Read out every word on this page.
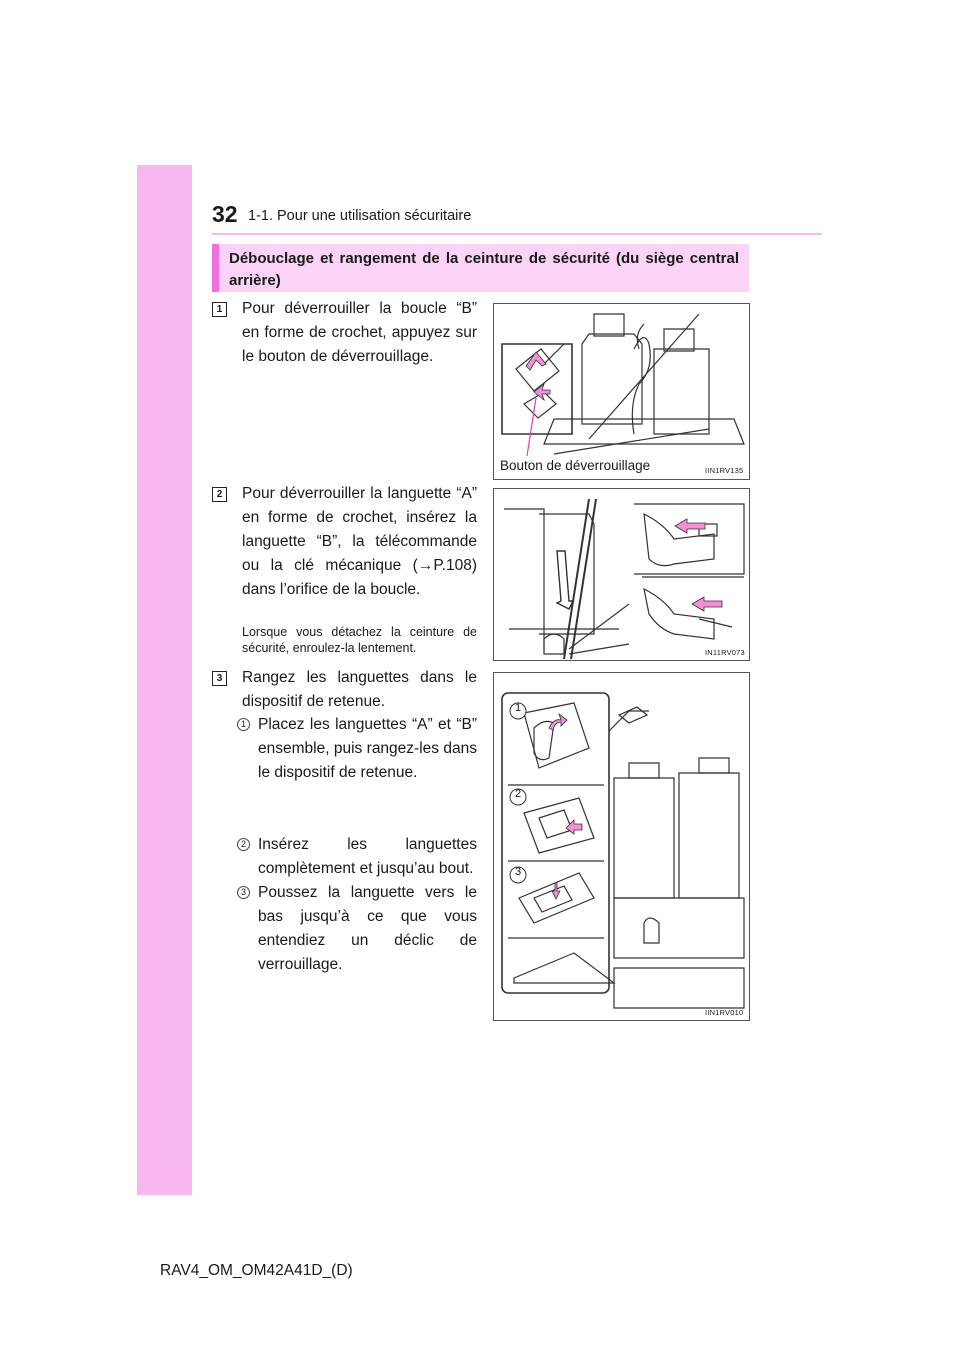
32 1-1. Pour une utilisation sécuritaire
Débouclage et rangement de la ceinture de sécurité (du siège central arrière)
1	Pour déverrouiller la boucle “B” en forme de crochet, appuyez sur le bouton de déverrouillage.
Bouton de déverrouillage	IIN1RV135
2	Pour déverrouiller la languette “A” en forme de crochet, insérez la languette “B”, la télécommande ou la clé mécanique (→P.108) dans l’orifice de la boucle.
Lorsque vous détachez la ceinture de sécurité, enroulez-la lentement.	IN11RV073
3	Rangez les languettes dans le dispositif de retenue.
1 Placez les languettes “A” et “B” ensemble, puis rangez-les dans le dispositif de retenue.
2 Insérez les languettes complètement et jusqu’au bout.
3 Poussez la languette vers le bas jusqu’à ce que vous entendiez un déclic de verrouillage.
1
2
3
IIN1RV010
RAV4_OM_OM42A41D_(D)
